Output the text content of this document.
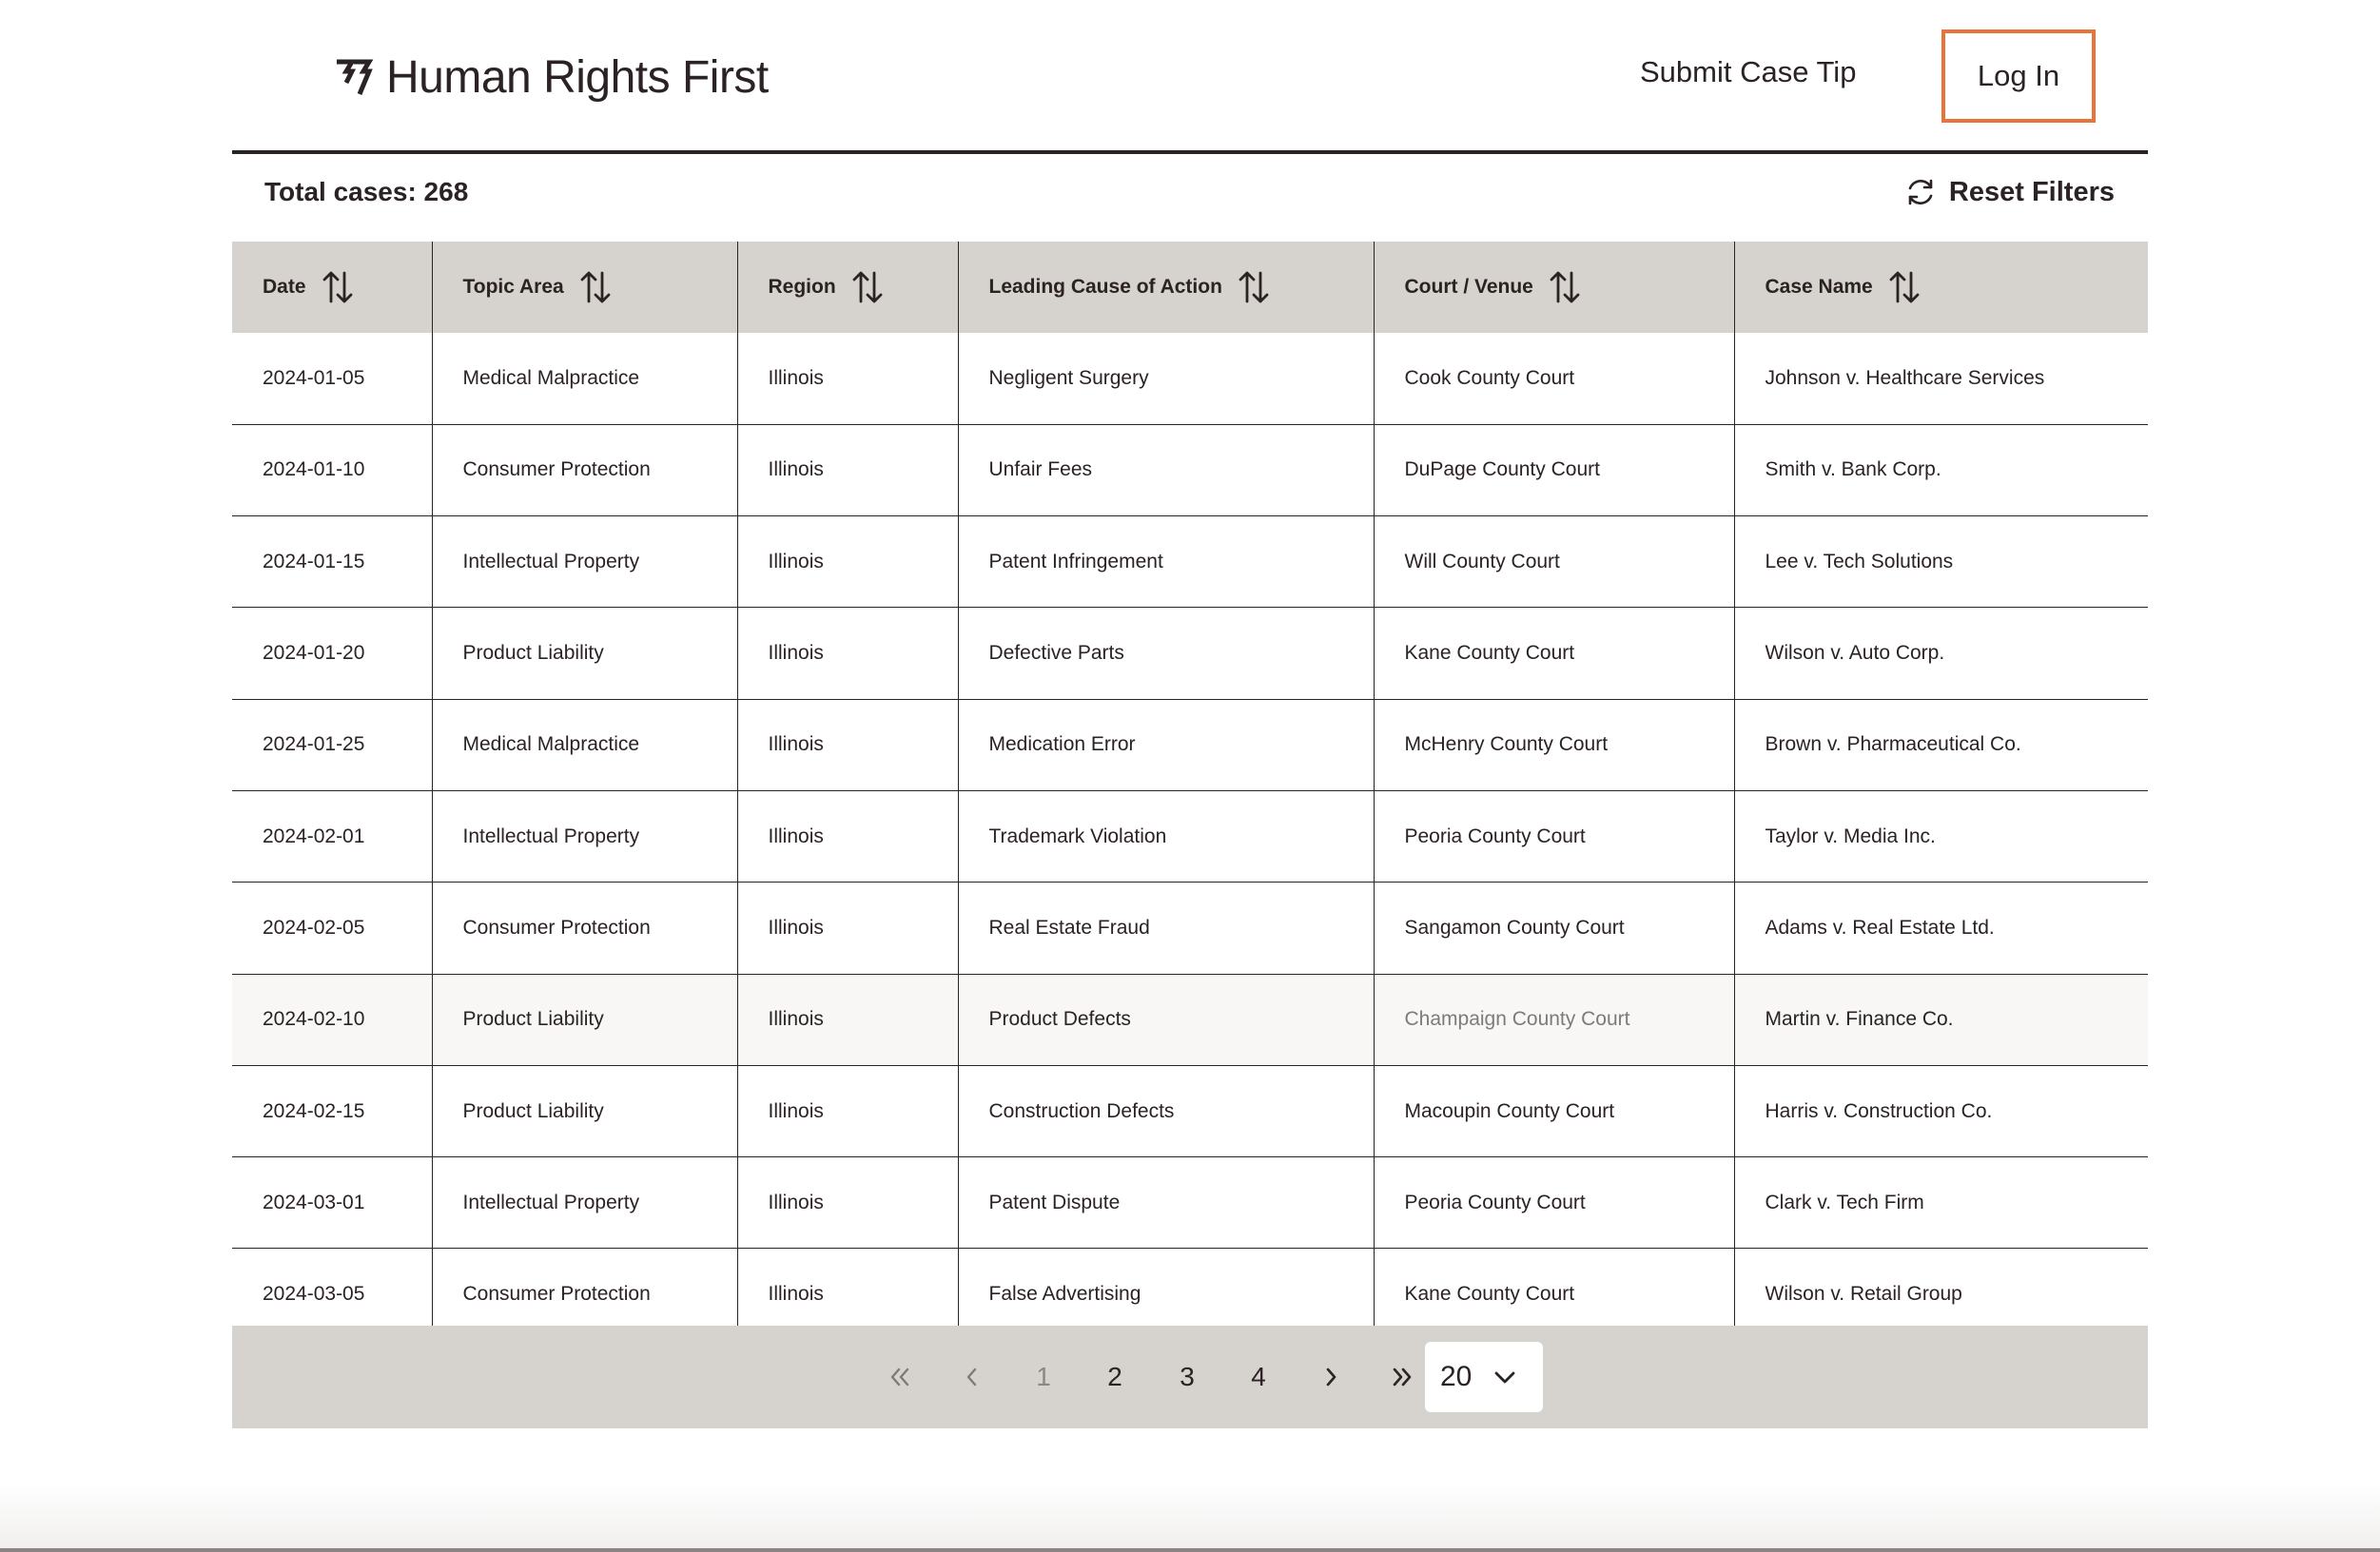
Human Rights First	Submit Case Tip	Log In
Total cases: 268	Reset Filters
Date	Topic Area	Region	Leading Cause of Action	Court / Venue	Case Name

2024-01-05	Medical Malpractice	Illinois	Negligent Surgery	Cook County Court	Johnson v. Healthcare Services
2024-01-10	Consumer Protection	Illinois	Unfair Fees	DuPage County Court	Smith v. Bank Corp.
2024-01-15	Intellectual Property	Illinois	Patent Infringement	Will County Court	Lee v. Tech Solutions
2024-01-20	Product Liability	Illinois	Defective Parts	Kane County Court	Wilson v. Auto Corp.
2024-01-25	Medical Malpractice	Illinois	Medication Error	McHenry County Court	Brown v. Pharmaceutical Co.
2024-02-01	Intellectual Property	Illinois	Trademark Violation	Peoria County Court	Taylor v. Media Inc.
2024-02-05	Consumer Protection	Illinois	Real Estate Fraud	Sangamon County Court	Adams v. Real Estate Ltd.
2024-02-10	Product Liability	Illinois	Product Defects	Champaign County Court	Martin v. Finance Co.
2024-02-15	Product Liability	Illinois	Construction Defects	Macoupin County Court	Harris v. Construction Co.
2024-03-01	Intellectual Property	Illinois	Patent Dispute	Peoria County Court	Clark v. Tech Firm
2024-03-05	Consumer Protection	Illinois	False Advertising	Kane County Court	Wilson v. Retail Group
1	2	3	4	20
